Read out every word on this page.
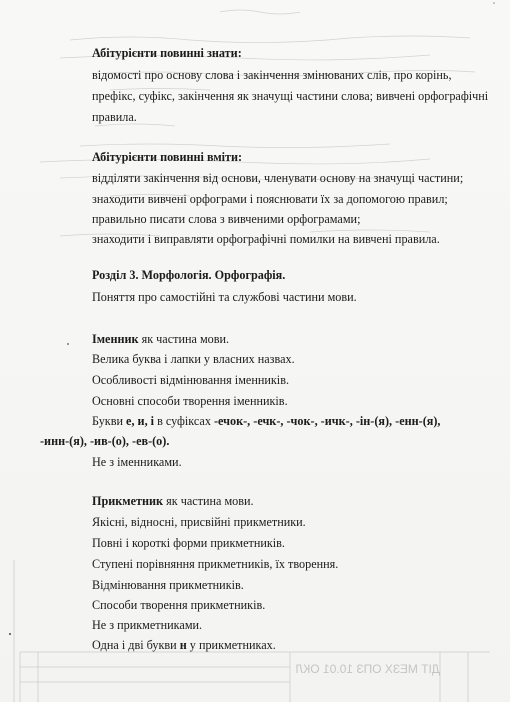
Абітурієнти повинні знати:
відомості про основу слова і закінчення змінюваних слів, про корінь,
префікс, суфікс, закінчення як значущі частини слова; вивчені орфографічні
правила.
Абітурієнти повинні вміти:
відділяти закінчення від основи, членувати основу на значущі частини;
знаходити вивчені орфограми і пояснювати їх за допомогою правил;
правильно писати слова з вивченими орфограмами;
знаходити і виправляти орфографічні помилки на вивчені правила.
Розділ 3. Морфологія. Орфографія.
Поняття про самостійні та службові частини мови.
Іменник як частина мови.
Велика буква і лапки у власних назвах.
Особливості відмінювання іменників.
Основні способи творення іменників.
Букви е, и, і в суфіксах -ечок-, -ечк-, -чок-, -ичк-, -ін-(я), -енн-(я),
-инн-(я), -ив-(о), -ев-(о).
Не з іменниками.
Прикметник як частина мови.
Якісні, відносні, присвійні прикметники.
Повні і короткі форми прикметників.
Ступені порівняння прикметників, їх творення.
Відмінювання прикметників.
Способи творення прикметників.
Не з прикметниками.
Одна і дві букви н у прикметниках.
ДІТ МЕЗХ ОПЗ 10.01 ОКЛ
